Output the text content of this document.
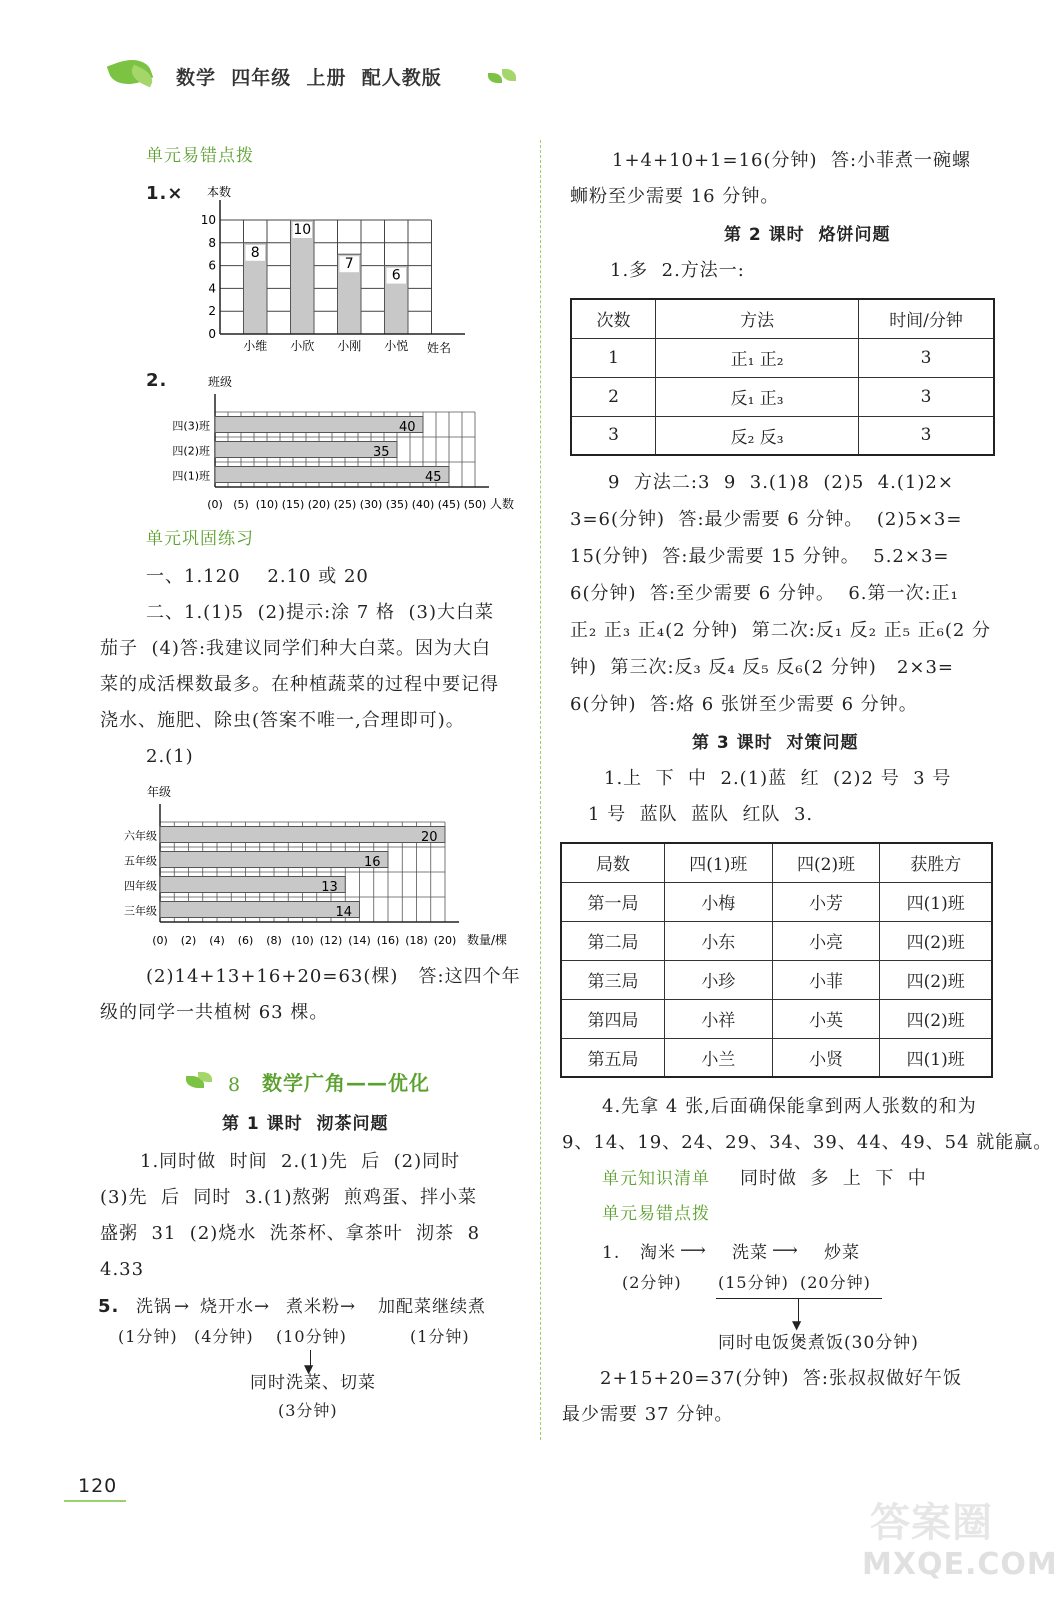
数学  四年级  上册  配人教版
单元易错点拨
1.× 本数
8
10
7
6
0
2
4
6
8
10
小维 小欣 小刚 小悦 姓名
2.	班级
40
35
45
四(3)班
四(2)班
四(1)班
(0) (5) (10) (15) (20) (25) (30) (35) (40) (45) (50) 人数
单元巩固练习
一、1.120    2.10 或 20
二、1.(1)5  (2)提示:涂 7 格  (3)大白菜
茄子  (4)答:我建议同学们种大白菜。因为大白
菜的成活棵数最多。在种植蔬菜的过程中要记得
浇水、施肥、除虫(答案不唯一,合理即可)。
2.(1)
年级
20
16
13
14
六年级
五年级
四年级
三年级
(0) (2) (4) (6) (8) (10) (12) (14) (16) (18) (20) 数量/棵
(2)14+13+16+20=63(棵)   答:这四个年
级的同学一共植树 63 棵。
8 数学广角——优化
第 1 课时  沏茶问题
1.同时做  时间  2.(1)先  后  (2)同时
(3)先  后  同时  3.(1)熬粥  煎鸡蛋、拌小菜
盛粥  31  (2)烧水  洗茶杯、拿茶叶  沏茶  8
4.33
5. 洗锅
(1分钟)
→ 烧开水
(4分钟)
→ 煮米粉
(10分钟)
→ 加配菜继续煮
(1分钟)
▼
同时洗菜、切菜
(3分钟)
120
1+4+10+1=16(分钟)  答:小菲煮一碗螺
蛳粉至少需要 16 分钟。
第 2 课时  烙饼问题
1.多  2.方法一:
次数	方法	时间/分钟
1	正₁ 正₂	3
2	反₁ 正₃	3
3	反₂ 反₃	3
9  方法二:3  9  3.(1)8  (2)5  4.(1)2×
3=6(分钟)  答:最少需要 6 分钟。  (2)5×3=
15(分钟)  答:最少需要 15 分钟。  5.2×3=
6(分钟)  答:至少需要 6 分钟。  6.第一次:正₁
正₂ 正₃ 正₄(2 分钟)  第二次:反₁ 反₂ 正₅ 正₆(2 分
钟)  第三次:反₃ 反₄ 反₅ 反₆(2 分钟)   2×3=
6(分钟)  答:烙 6 张饼至少需要 6 分钟。
第 3 课时  对策问题
1.上  下  中  2.(1)蓝  红  (2)2 号  3 号
1 号  蓝队  蓝队  红队  3.
局数	四(1)班	四(2)班	获胜方
第一局	小梅	小芳	四(1)班
第二局	小东	小亮	四(2)班
第三局	小珍	小菲	四(2)班
第四局	小祥	小英	四(2)班
第五局	小兰	小贤	四(1)班
4.先拿 4 张,后面确保能拿到两人张数的和为
9、14、19、24、29、34、39、44、49、54 就能赢。
单元知识清单 同时做  多  上  下  中
单元易错点拨
1. 淘米
(2分钟)
⟶ 洗菜
(15分钟)
⟶ 炒菜
(20分钟)
▼
同时电饭煲煮饭(30分钟)
2+15+20=37(分钟)  答:张叔叔做好午饭
最少需要 37 分钟。
答案圈
MXQE.COM
